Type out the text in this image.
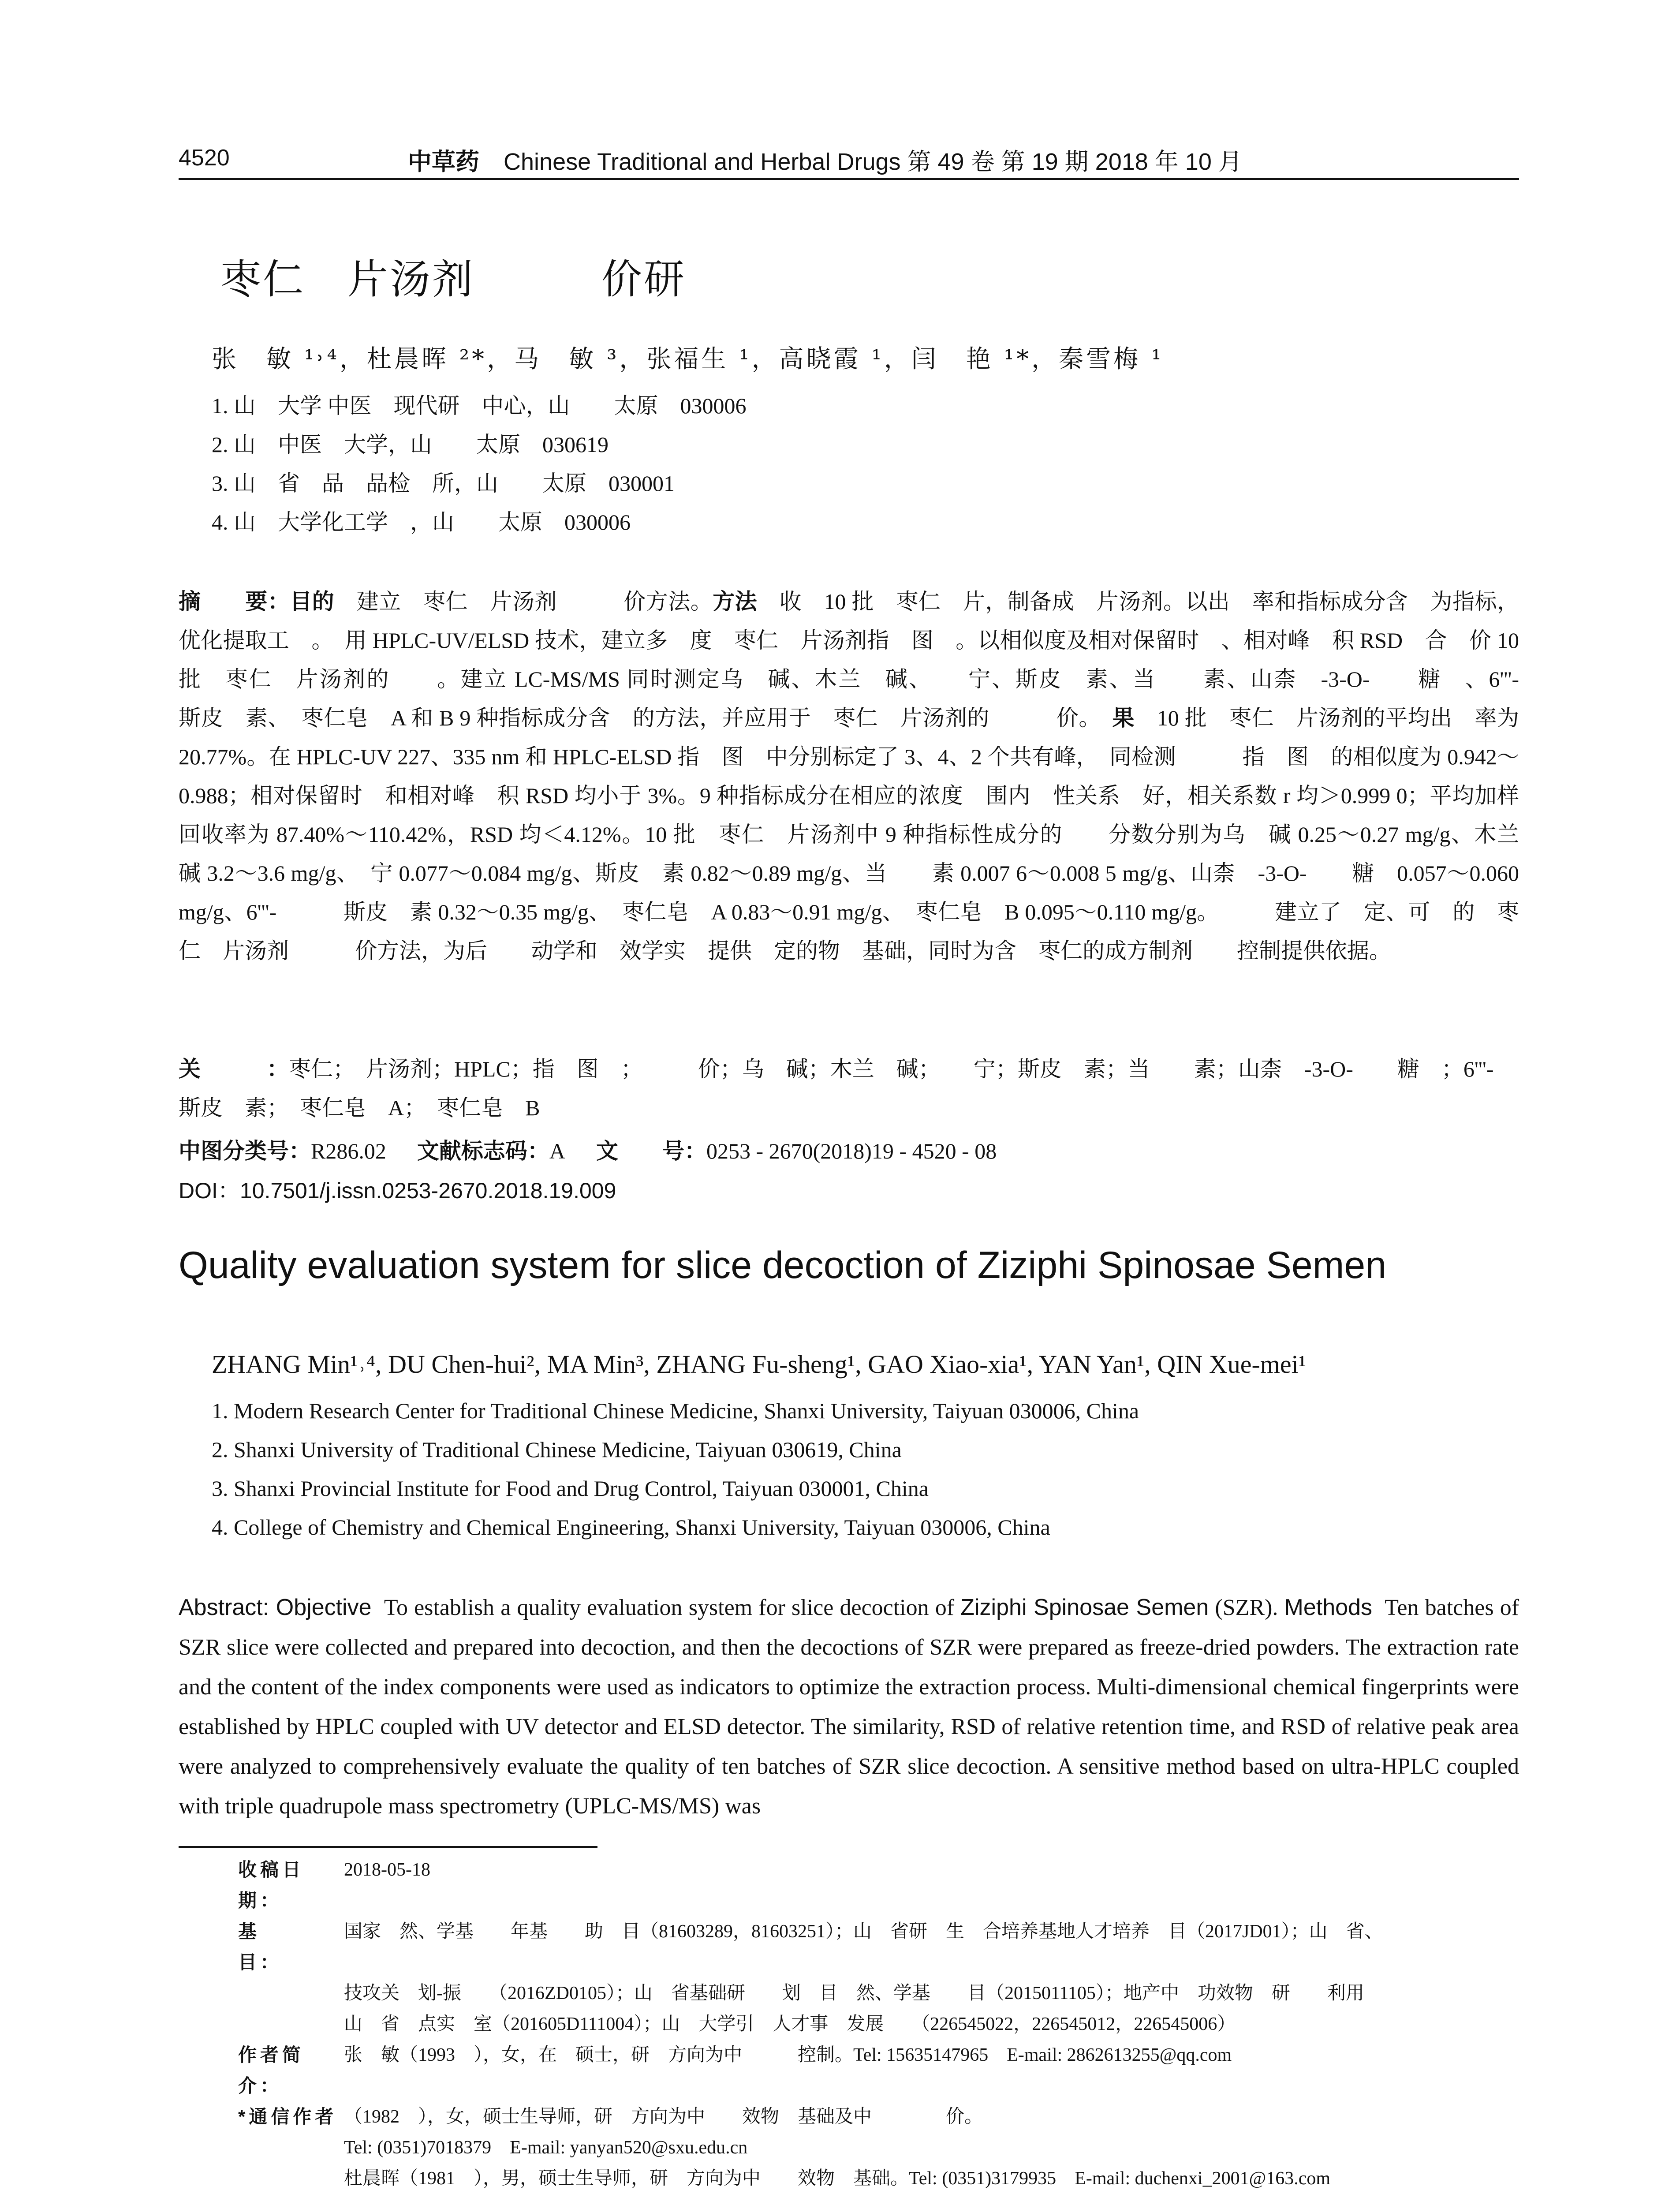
4520	中草药 Chinese Traditional and Herbal Drugs 第 49 卷 第 19 期 2018 年 10 月
枣仁　片汤剂　　　价研
张　敏 ¹˒⁴，杜晨晖 ²*，马　敏 ³，张福生 ¹，高晓霞 ¹，闫　艳 ¹*，秦雪梅 ¹
1. 山　大学 中医　现代研　中心，山　　太原　030006
2. 山　中医　大学，山　　太原　030619
3. 山　省　品　品检　所，山　　太原　030001
4. 山　大学化工学　，山　　太原　030006
摘　　要：目的　 建立　枣仁　片汤剂　　　价方法。方法　 收　10 批　枣仁　片，制备成　片汤剂。以出　率和指标成分含　为指标，优化提取工　。　用 HPLC-UV/ELSD 技术，建立多　度　枣仁　片汤剂指　图　。以相似度及相对保留时　、相对峰　积 RSD　合　价 10 批　枣仁　片汤剂的　　。建立 LC-MS/MS 同时测定乌　碱、木兰　碱、　　宁、斯皮　素、当　　素、山柰　-3-O-　　糖　、6'''-　　　斯皮　素、　枣仁皂　A 和 B 9 种指标成分含　的方法，并应用于　枣仁　片汤剂的　　　价。　果　 10 批　枣仁　片汤剂的平均出　率为 20.77%。在 HPLC-UV 227、335 nm 和 HPLC-ELSD 指　图　中分别标定了 3、4、2 个共有峰，　同检测　　　指　图　的相似度为 0.942～0.988；相对保留时　和相对峰　积 RSD 均小于 3%。9 种指标成分在相应的浓度　围内　性关系　好，相关系数 r 均＞0.999 0；平均加样回收率为 87.40%～110.42%，RSD 均＜4.12%。10 批　枣仁　片汤剂中 9 种指标性成分的　　分数分别为乌　碱 0.25～0.27 mg/g、木兰　碱 3.2～3.6 mg/g、　宁 0.077～0.084 mg/g、斯皮　素 0.82～0.89 mg/g、当　　素 0.007 6～0.008 5 mg/g、山柰　-3-O-　　糖　0.057～0.060 mg/g、6'''-　　　斯皮　素 0.32～0.35 mg/g、　枣仁皂　A 0.83～0.91 mg/g、　枣仁皂　B 0.095～0.110 mg/g。　　　	建立了　定、可　的　枣仁　片汤剂　　　价方法，为后　　动学和　效学实　提供　定的物　基础，同时为含　枣仁的成方制剂　　控制提供依据。
关　　　：枣仁；　片汤剂；HPLC；指　图　；　　　价；乌　碱；木兰　碱；　　宁；斯皮　素；当　　素；山柰　-3-O-　　糖　；6'''-　　　斯皮　素；　枣仁皂　A；　枣仁皂　B
中图分类号：R286.02 文献标志码：A 文　　号：0253 - 2670(2018)19 - 4520 - 08
DOI：10.7501/j.issn.0253-2670.2018.19.009
Quality evaluation system for slice decoction of Ziziphi Spinosae Semen
ZHANG Min¹˒⁴, DU Chen-hui², MA Min³, ZHANG Fu-sheng¹, GAO Xiao-xia¹, YAN Yan¹, QIN Xue-mei¹
1. Modern Research Center for Traditional Chinese Medicine, Shanxi University, Taiyuan 030006, China
2. Shanxi University of Traditional Chinese Medicine, Taiyuan 030619, China
3. Shanxi Provincial Institute for Food and Drug Control, Taiyuan 030001, China
4. College of Chemistry and Chemical Engineering, Shanxi University, Taiyuan 030006, China
Abstract: Objective To establish a quality evaluation system for slice decoction of Ziziphi Spinosae Semen (SZR). Methods Ten batches of SZR slice were collected and prepared into decoction, and then the decoctions of SZR were prepared as freeze-dried powders. The extraction rate and the content of the index components were used as indicators to optimize the extraction process. Multi-dimensional chemical fingerprints were established by HPLC coupled with UV detector and ELSD detector. The similarity, RSD of relative retention time, and RSD of relative peak area were analyzed to comprehensively evaluate the quality of ten batches of SZR slice decoction. A sensitive method based on ultra-HPLC coupled with triple quadrupole mass spectrometry (UPLC-MS/MS) was
收稿日期：
2018-05-18
基　　目：
国家　然、学基　　年基　　助　目（81603289，81603251）；山　省研　生　合培养基地人才培养　目（2017JD01）；山　省、
技攻关　划-振　　（2016ZD0105）；山　省基础研　　划　目　然、学基　　目（2015011105）；地产中　功效物　研　　利用
山　省　点实　室（201605D111004）；山　大学引　人才事　发展　　（226545022，226545012，226545006）
作者简介：
张　敏（1993　），女，在　硕士，研　方向为中　　　控制。Tel: 15635147965　E-mail: 2862613255@qq.com
*通信作者 （1982　），女，硕士生导师，研　方向为中　　效物　基础及中　　　　价。
Tel: (0351)7018379　E-mail: yanyan520@sxu.edu.cn
杜晨晖（1981　），男，硕士生导师，研　方向为中　　效物　基础。Tel: (0351)3179935　E-mail: duchenxi_2001@163.com
